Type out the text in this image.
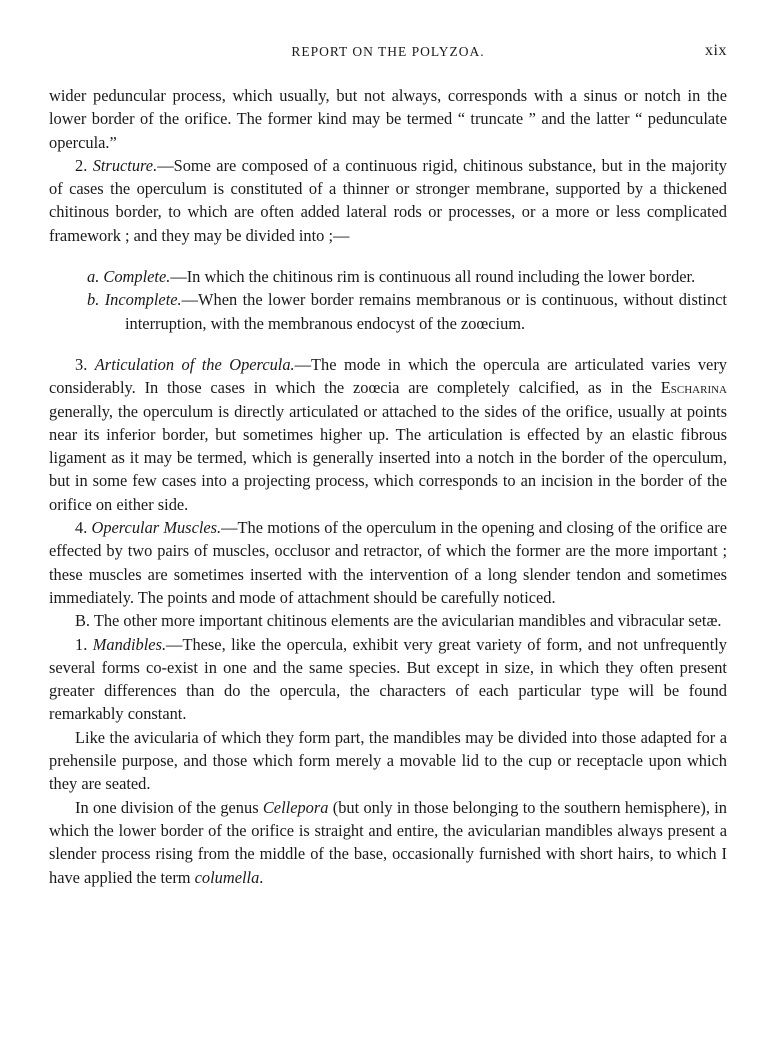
REPORT ON THE POLYZOA.	xix

wider peduncular process, which usually, but not always, corresponds with a sinus or notch in the lower border of the orifice. The former kind may be termed “ truncate ” and the latter “ pedunculate opercula.”

2. Structure.—Some are composed of a continuous rigid, chitinous substance, but in the majority of cases the operculum is constituted of a thinner or stronger membrane, supported by a thickened chitinous border, to which are often added lateral rods or processes, or a more or less complicated framework ; and they may be divided into ;—

a. Complete.—In which the chitinous rim is continuous all round including the lower border.

b. Incomplete.—When the lower border remains membranous or is continuous, without distinct interruption, with the membranous endocyst of the zoœcium.

3. Articulation of the Opercula.—The mode in which the opercula are articulated varies very considerably. In those cases in which the zoœcia are completely calcified, as in the Escharina generally, the operculum is directly articulated or attached to the sides of the orifice, usually at points near its inferior border, but sometimes higher up. The articulation is effected by an elastic fibrous ligament as it may be termed, which is generally inserted into a notch in the border of the operculum, but in some few cases into a projecting process, which corresponds to an incision in the border of the orifice on either side.

4. Opercular Muscles.—The motions of the operculum in the opening and closing of the orifice are effected by two pairs of muscles, occlusor and retractor, of which the former are the more important ; these muscles are sometimes inserted with the intervention of a long slender tendon and sometimes immediately. The points and mode of attachment should be carefully noticed.

B. The other more important chitinous elements are the avicularian mandibles and vibracular setæ.

1. Mandibles.—These, like the opercula, exhibit very great variety of form, and not unfrequently several forms co-exist in one and the same species. But except in size, in which they often present greater differences than do the opercula, the characters of each particular type will be found remarkably constant.

Like the avicularia of which they form part, the mandibles may be divided into those adapted for a prehensile purpose, and those which form merely a movable lid to the cup or receptacle upon which they are seated.

In one division of the genus Cellepora (but only in those belonging to the southern hemisphere), in which the lower border of the orifice is straight and entire, the avicularian mandibles always present a slender process rising from the middle of the base, occasionally furnished with short hairs, to which I have applied the term columella.
